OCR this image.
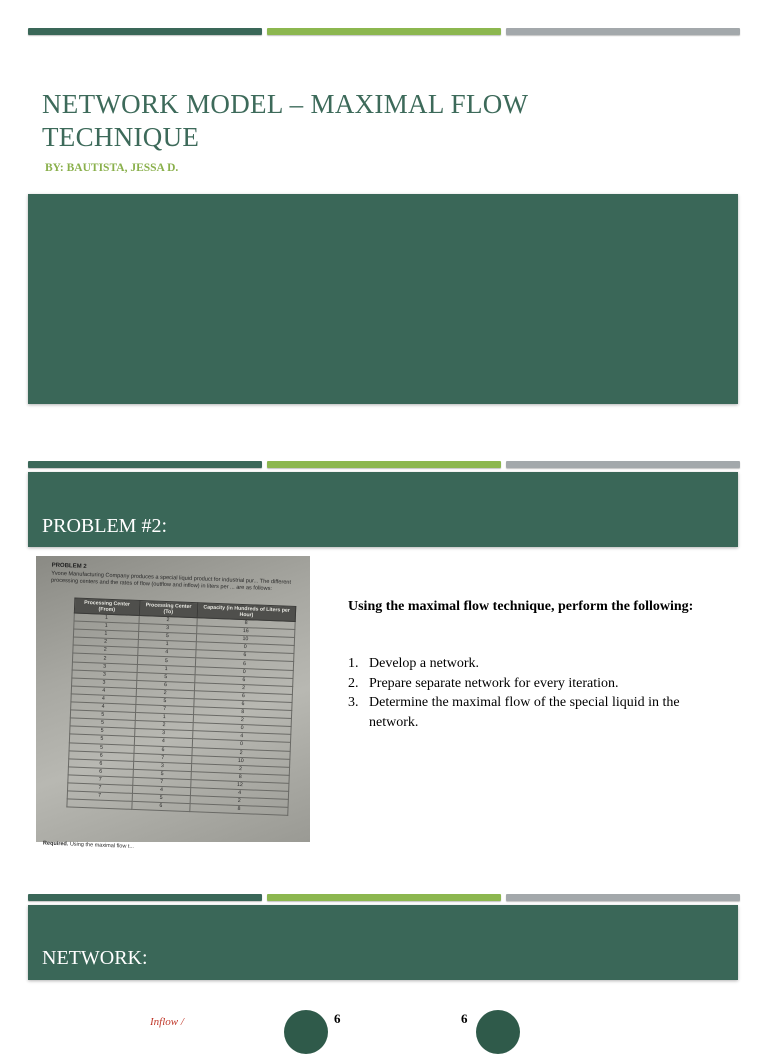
NETWORK MODEL – MAXIMAL FLOW TECHNIQUE
BY: BAUTISTA, JESSA D.
PROBLEM #2:
PROBLEM 2
Yvone Manufacturing Company produces a special liquid product for industrial pur... The different processing centers and the rates of flow (outflow and inflow) in liters per ... are as follows:
Processing Center (From)	Processing Center (To)	Capacity (in Hundreds of Liters per Hour)
1	2	8
1	3	16
1	5	10
2	1	0
2	4	6
2	5	6
3	1	0
3	5	6
3	6	2
4	2	6
4	5	6
4	7	8
5	1	2
5	2	0
5	3	4
5	4	0
5	6	2
6	7	10
6	3	2
6	5	8
7	7	12
7	4	4
7	5	2
	6	8
Required. Using the maximal flow t...
Using the maximal flow technique, perform the following:
1. Develop a network.
2. Prepare separate network for every iteration.
3. Determine the maximal flow of the special liquid in the network.
NETWORK:
Inflow /	6	6
